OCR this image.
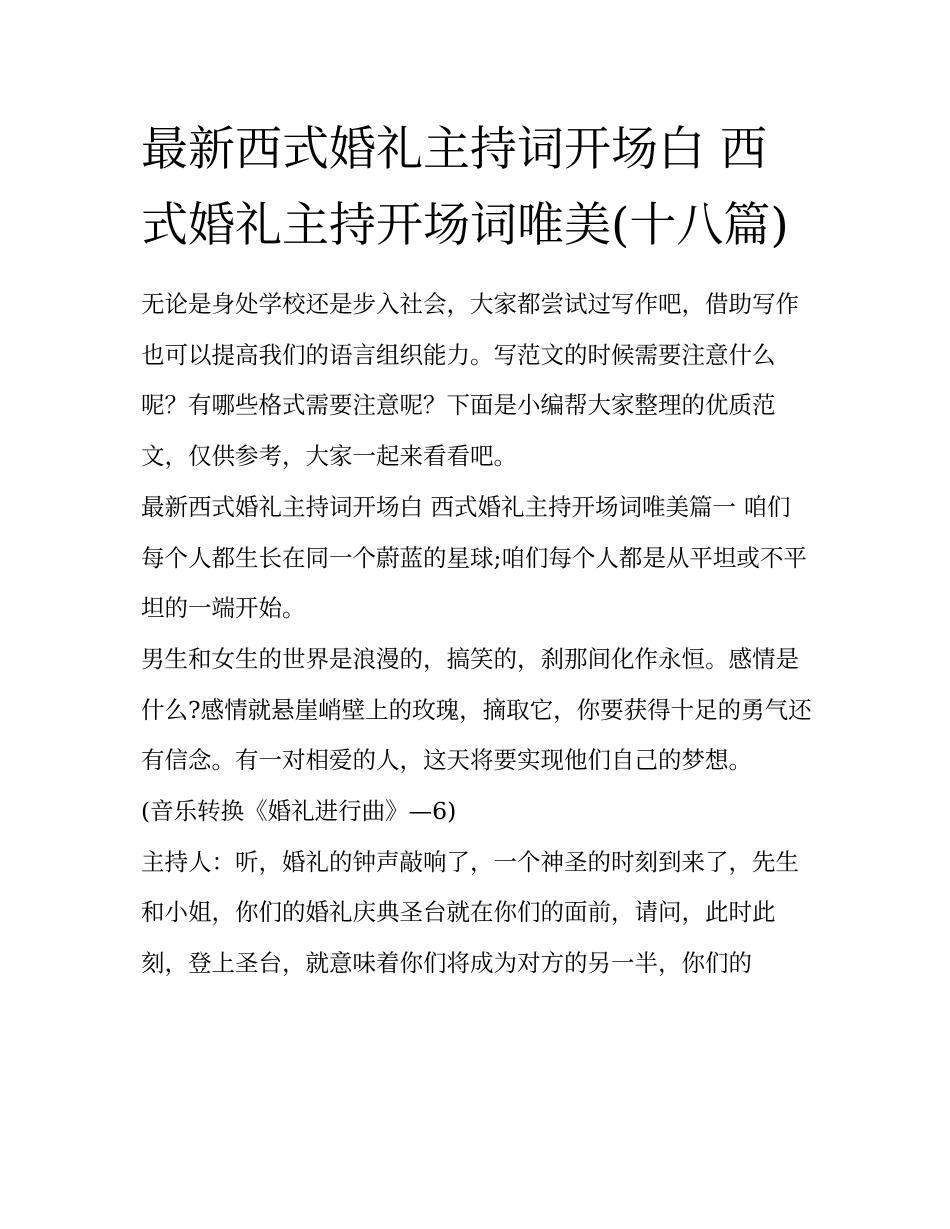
最新西式婚礼主持词开场白 西式婚礼主持开场词唯美(十八篇)

无论是身处学校还是步入社会，大家都尝试过写作吧，借助写作也可以提高我们的语言组织能力。写范文的时候需要注意什么呢？有哪些格式需要注意呢？下面是小编帮大家整理的优质范文，仅供参考，大家一起来看看吧。

最新西式婚礼主持词开场白 西式婚礼主持开场词唯美篇一 咱们每个人都生长在同一个蔚蓝的星球;咱们每个人都是从平坦或不平坦的一端开始。

男生和女生的世界是浪漫的，搞笑的，刹那间化作永恒。感情是什么?感情就悬崖峭壁上的玫瑰，摘取它，你要获得十足的勇气还有信念。有一对相爱的人，这天将要实现他们自己的梦想。

(音乐转换《婚礼进行曲》—6)

主持人：听，婚礼的钟声敲响了，一个神圣的时刻到来了，先生和小姐，你们的婚礼庆典圣台就在你们的面前，请问，此时此刻，登上圣台，就意味着你们将成为对方的另一半，你们的
